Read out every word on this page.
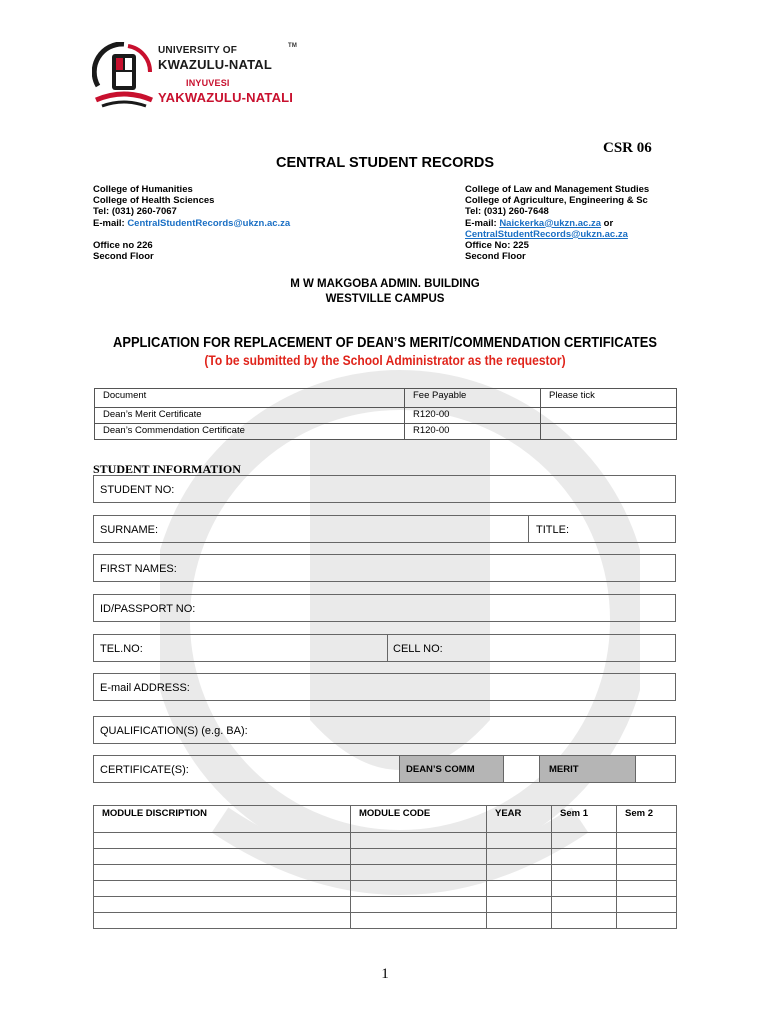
UNIVERSITY OF	TM
KWAZULU-NATAL
INYUVESI
YAKWAZULU-NATALI
CSR 06
CENTRAL STUDENT RECORDS
College of Humanities
College of Health Sciences
Tel: (031) 260-7067
E-mail: CentralStudentRecords@ukzn.ac.za
Office no 226
Second Floor
College of Law and Management Studies
College of Agriculture, Engineering & Sc
Tel: (031) 260-7648
E-mail: Naickerka@ukzn.ac.za or
CentralStudentRecords@ukzn.ac.za
Office No: 225
Second Floor
M W MAKGOBA ADMIN. BUILDING
WESTVILLE CAMPUS
APPLICATION FOR REPLACEMENT OF DEAN’S MERIT/COMMENDATION CERTIFICATES
(To be submitted by the School Administrator as the requestor)
Document	Fee Payable	Please tick
Dean’s Merit Certificate	R120-00	
Dean’s Commendation Certificate	R120-00	
STUDENT INFORMATION
STUDENT NO:
SURNAME:	TITLE:
FIRST NAMES:
ID/PASSPORT NO:
TEL.NO:	CELL NO:
E-mail ADDRESS:
QUALIFICATION(S) (e.g. BA):
CERTIFICATE(S):	DEAN’S COMM	MERIT
MODULE DISCRIPTION	MODULE CODE	YEAR	Sem 1	Sem 2

1
